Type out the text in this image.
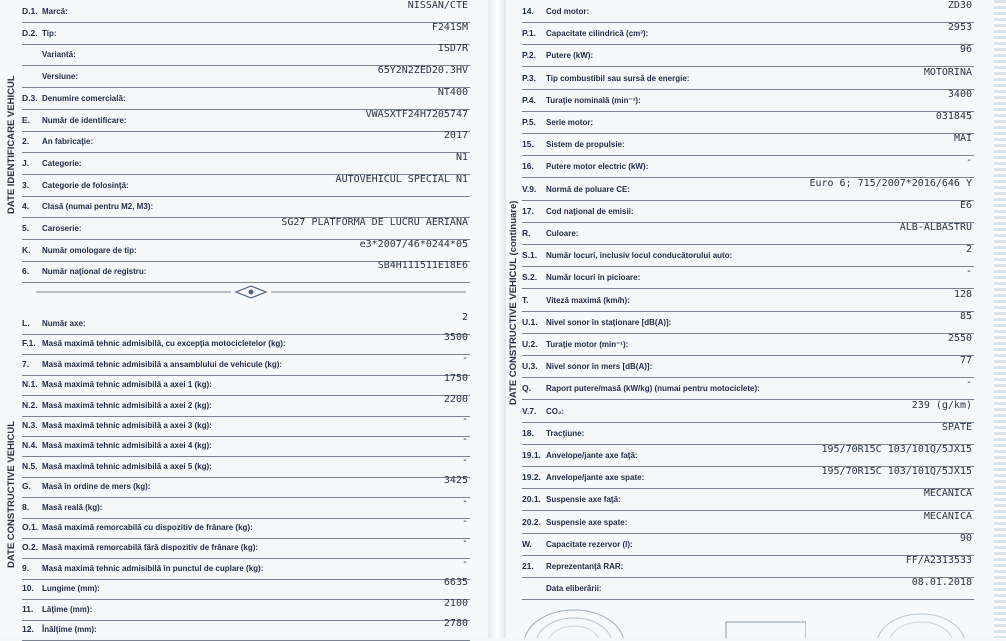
DATE IDENTIFICARE VEHICUL
DATE CONSTRUCTIVE VEHICUL
D.1. Marcă:
NISSAN/CTE
D.2. Tip:
F241SM
Variantă:
ISD7R
Versiune:
65Y2N2ZED20.3HV
D.3. Denumire comercială:
NT400
E. Număr de identificare:
VWASXTF24H7205747
2. An fabricaţie:
2017
J. Categorie:
N1
3. Categorie de folosinţă:
AUTOVEHICUL SPECIAL N1
4. Clasă (numai pentru M2, M3):
5. Caroserie:
SG27 PLATFORMA DE LUCRU AERIANA
K. Număr omologare de tip:
e3*2007/46*0244*05
6. Număr naţional de registru:
SB4H111511E18E6
L. Număr axe:
2
F.1. Masă maximă tehnic admisibilă, cu excepţia motocicletelor (kg):
3500
7. Masă maximă tehnic admisibilă a ansamblului de vehicule (kg):
-
N.1. Masă maximă tehnic admisibilă a axei 1 (kg):
1750
N.2. Masă maximă tehnic admisibilă a axei 2 (kg):
2200
N.3. Masă maximă tehnic admisibilă a axei 3 (kg):
-
N.4. Masă maximă tehnic admisibilă a axei 4 (kg):
-
N.5. Masă maximă tehnic admisibilă a axei 5 (kg):
-
G. Masă în ordine de mers (kg):
3425
8. Masă reală (kg):
-
O.1. Masă maximă remorcabilă cu dispozitiv de frânare (kg):
-
O.2. Masă maximă remorcabilă fără dispozitiv de frânare (kg):
-
9. Masă maximă tehnic admisibilă în punctul de cuplare (kg):
-
10. Lungime (mm):
6635
11. Lăţime (mm):
2100
12. Înălţime (mm):
2780
DATE CONSTRUCTIVE VEHICUL (continuare)
14. Cod motor:
ZD30
P.1. Capacitate cilindrică (cm³):
2953
P.2. Putere (kW):
96
P.3. Tip combustibil sau sursă de energie:
MOTORINA
P.4. Turaţie nominală (min⁻¹):
3400
P.5. Serie motor:
031845
15. Sistem de propulsie:
MAI
16. Putere motor electric (kW):
-
V.9. Normă de poluare CE:
Euro 6; 715/2007*2016/646 Y
17. Cod naţional de emisii:
E6
R. Culoare:
ALB-ALBASTRU
S.1. Număr locuri, inclusiv locul conducătorului auto:
2
S.2. Număr locuri în picioare:
-
T. Viteză maximă (km/h):
128
U.1. Nivel sonor în staţionare [dB(A)]:
85
U.2. Turaţie motor (min⁻¹):
2550
U.3. Nivel sonor în mers [dB(A)]:
77
Q. Raport putere/masă (kW/kg) (numai pentru motociclete):
-
V.7. CO₂:
239 (g/km)
18. Tracţiune:
SPATE
19.1. Anvelope/jante axe faţă:
195/70R15C 103/101Q/5JX15
19.2. Anvelope/jante axe spate:
195/70R15C 103/101Q/5JX15
20.1. Suspensie axe faţă:
MECANICA
20.2. Suspensie axe spate:
MECANICA
W. Capacitate rezervor (l):
90
21. Reprezentanţă RAR:
FF/A2313533
Data eliberării:
08.01.2018
